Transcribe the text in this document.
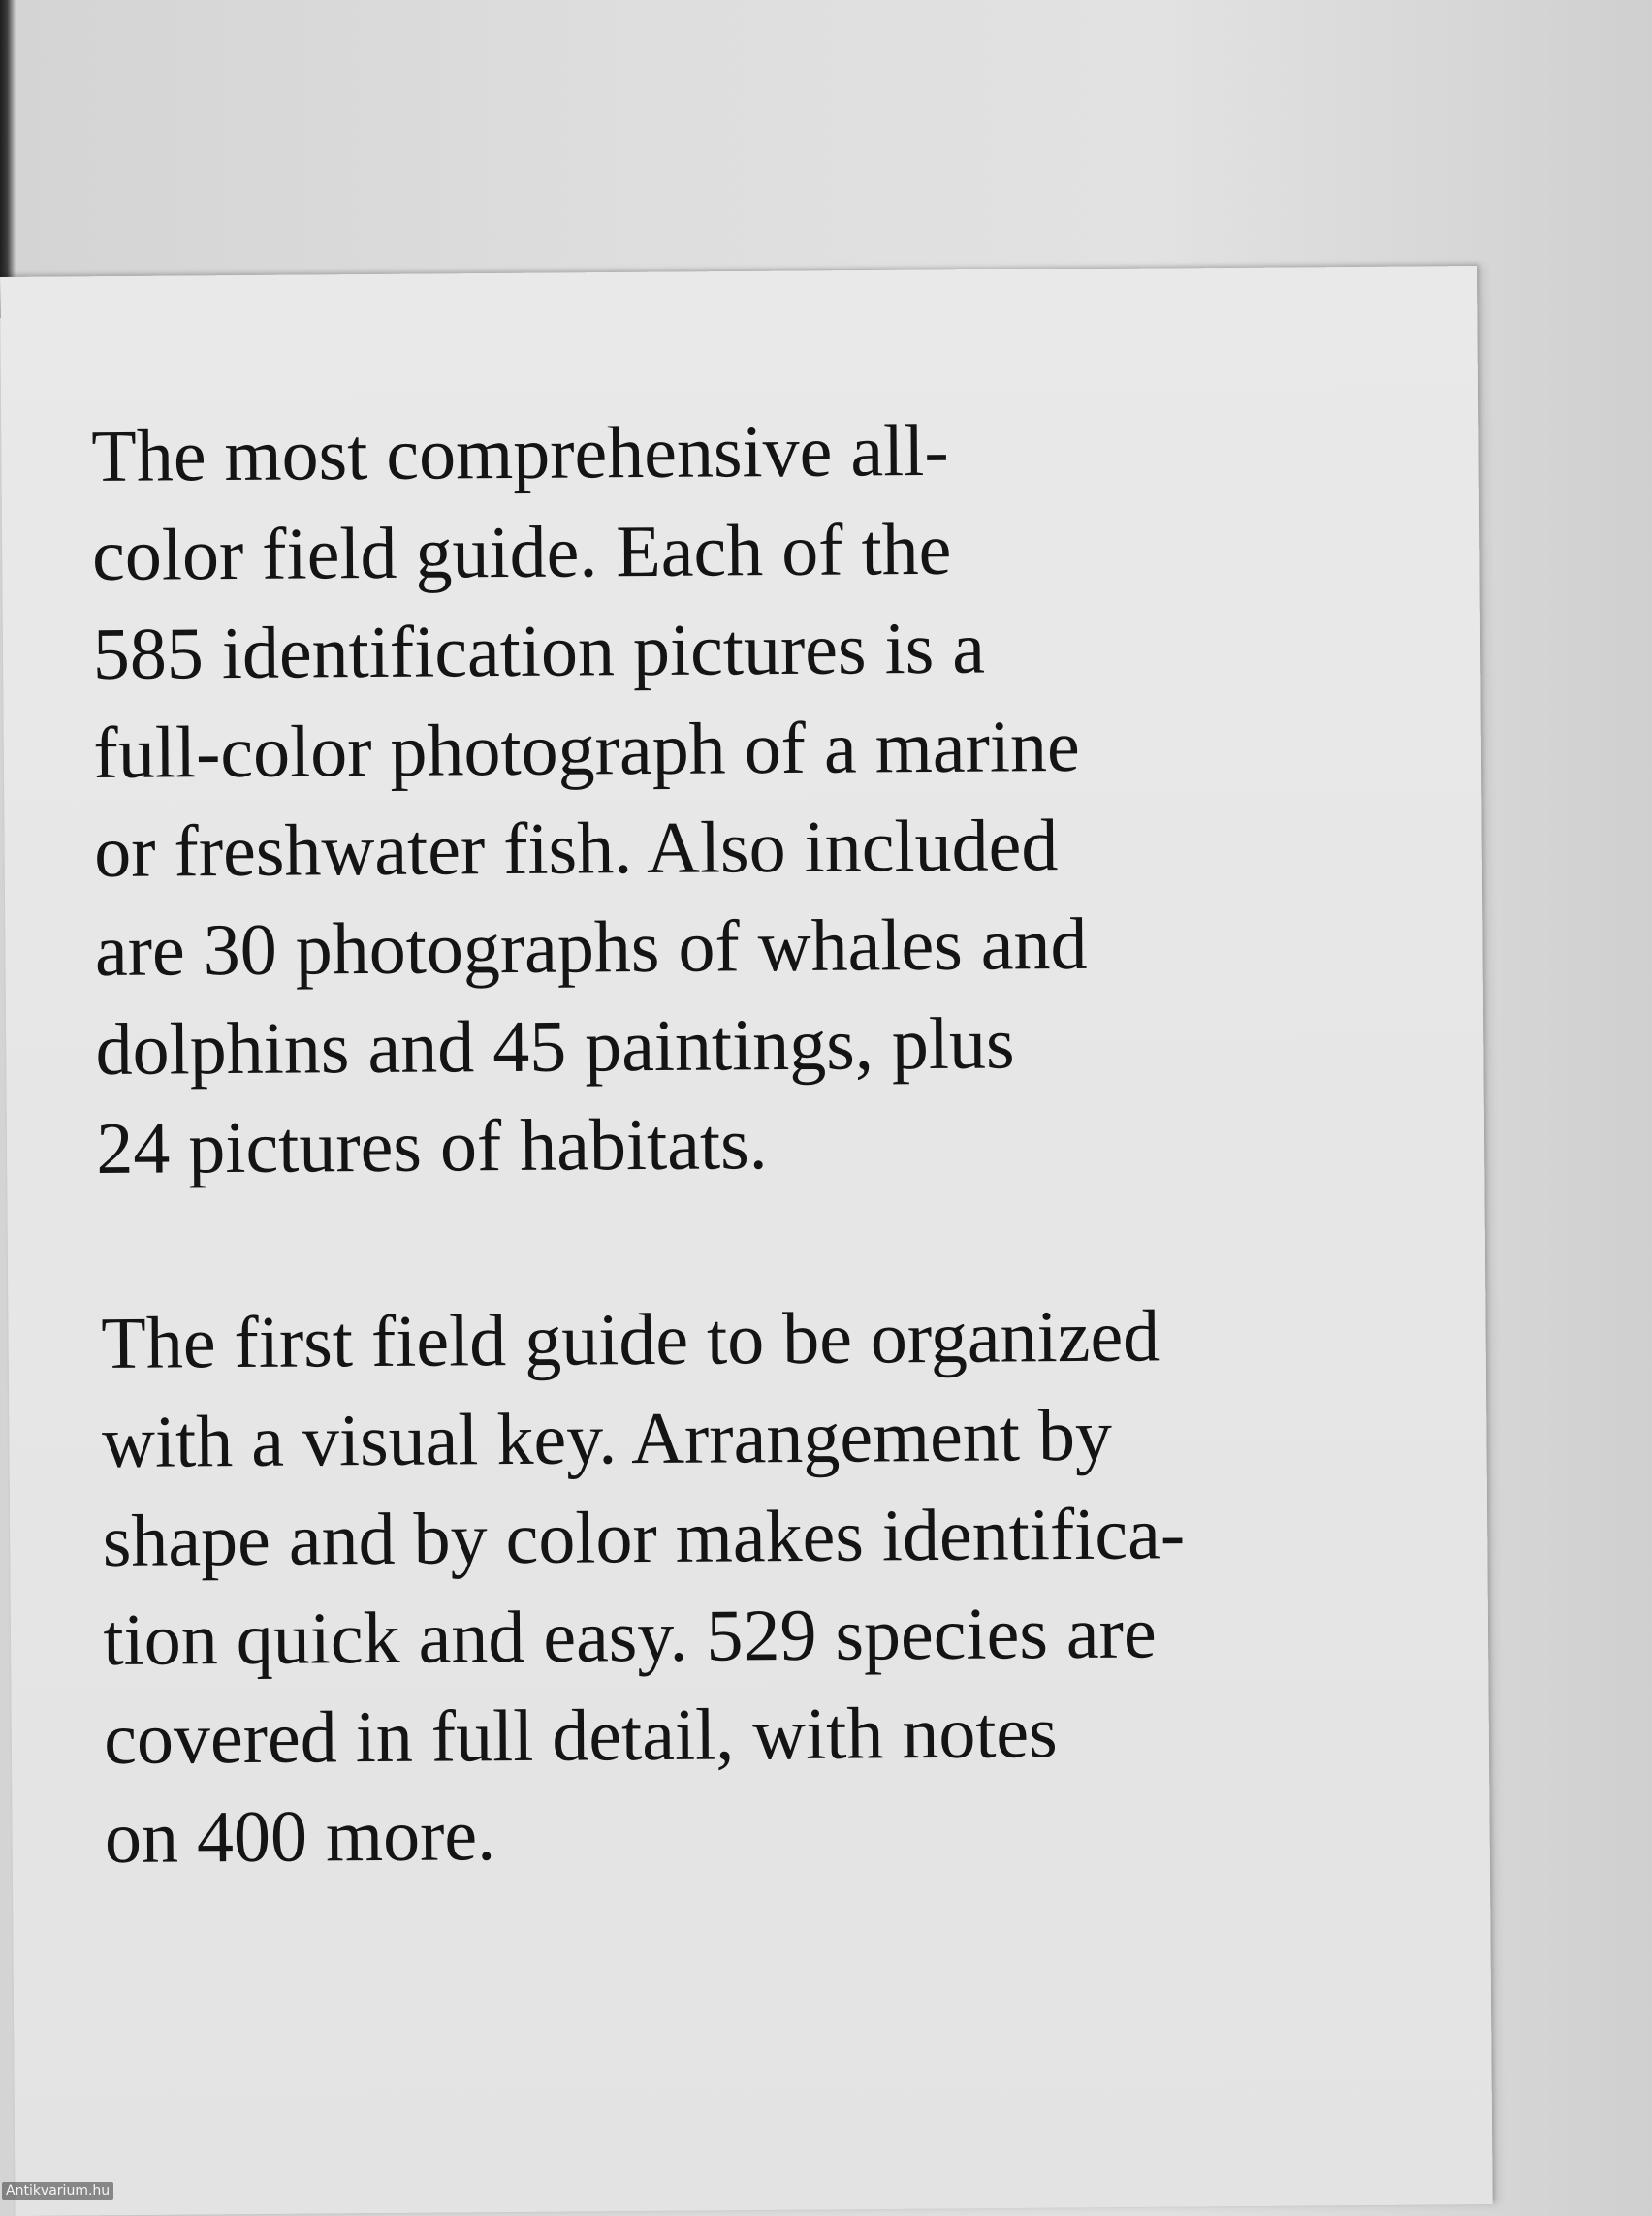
The most comprehensive all-
color field guide. Each of the
585 identification pictures is a
full-color photograph of a marine
or freshwater fish. Also included
are 30 photographs of whales and
dolphins and 45 paintings, plus
24 pictures of habitats.

The first field guide to be organized
with a visual key. Arrangement by
shape and by color makes identifica-
tion quick and easy. 529 species are
covered in full detail, with notes
on 400 more.

Antikvarium.hu
